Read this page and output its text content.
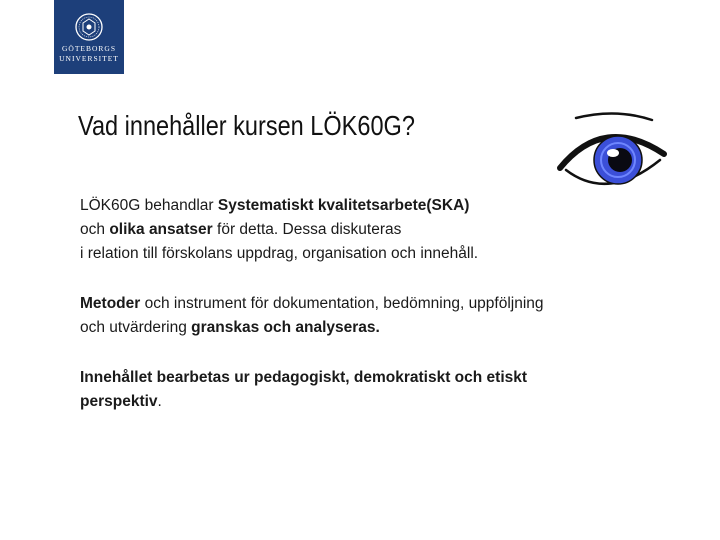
GÖTEBORGS
UNIVERSITET
Vad innehåller kursen LÖK60G?

LÖK60G behandlar Systematiskt kvalitetsarbete(SKA)
och olika ansatser för detta. Dessa diskuteras
i relation till förskolans uppdrag, organisation och innehåll.

Metoder och instrument för dokumentation, bedömning, uppföljning
och utvärdering granskas och analyseras.

Innehållet bearbetas ur pedagogiskt, demokratiskt och etiskt
perspektiv.
